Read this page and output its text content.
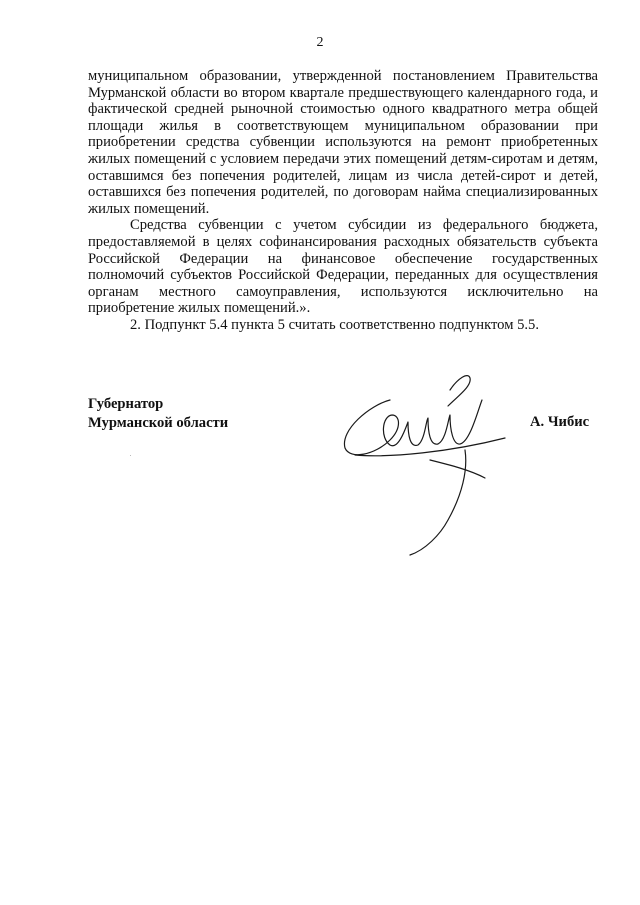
2

муниципальном образовании, утвержденной постановлением Правительства Мурманской области во втором квартале предшествующего календарного года, и фактической средней рыночной стоимостью одного квадратного метра общей площади жилья в соответствующем муниципальном образовании при приобретении средства субвенции используются на ремонт приобретенных жилых помещений с условием передачи этих помещений детям-сиротам и детям, оставшимся без попечения родителей, лицам из числа детей-сирот и детей, оставшихся без попечения родителей, по договорам найма специализированных жилых помещений.

Средства субвенции с учетом субсидии из федерального бюджета, предоставляемой в целях софинансирования расходных обязательств субъекта Российской Федерации на финансовое обеспечение государственных полномочий субъектов Российской Федерации, переданных для осуществления органам местного самоуправления, используются исключительно на приобретение жилых помещений.».

2. Подпункт 5.4 пункта 5 считать соответственно подпунктом 5.5.

Губернатор
Мурманской области	А. Чибис
